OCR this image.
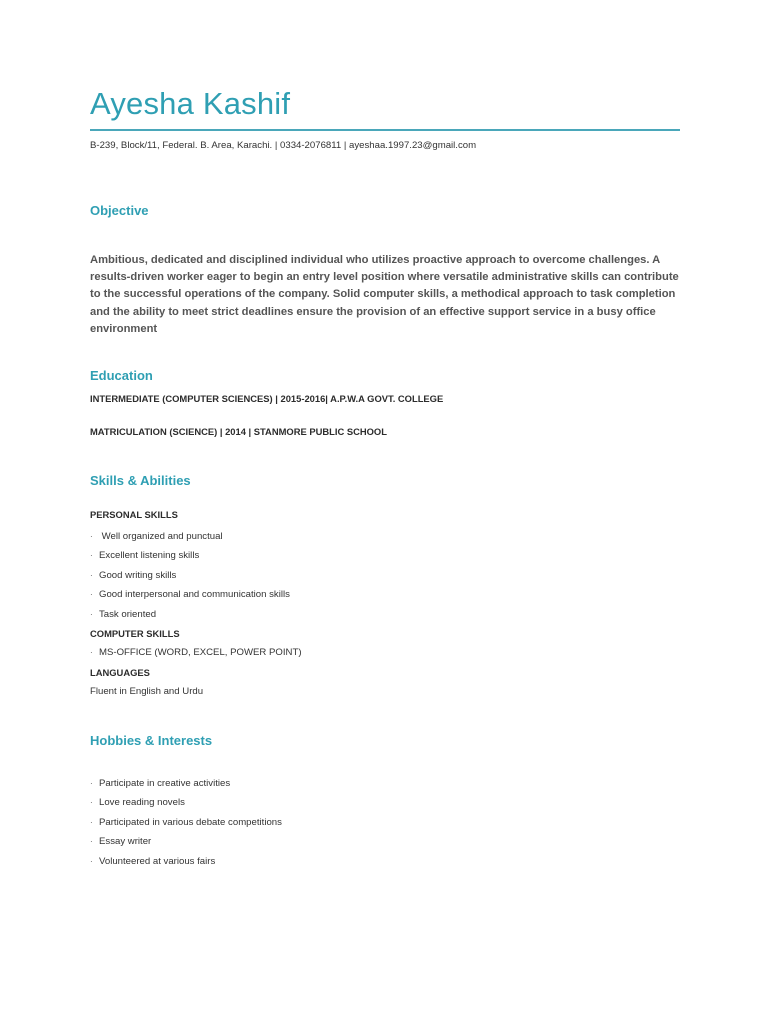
Ayesha Kashif
B-239, Block/11, Federal. B. Area, Karachi. | 0334-2076811 | ayeshaa.1997.23@gmail.com
Objective
Ambitious, dedicated and disciplined individual who utilizes proactive approach to overcome challenges. A results-driven worker eager to begin an entry level position where versatile administrative skills can contribute to the successful operations of the company. Solid computer skills, a methodical approach to task completion and the ability to meet strict deadlines ensure the provision of an effective support service in a busy office environment
Education
INTERMEDIATE (COMPUTER SCIENCES) | 2015-2016| A.P.W.A GOVT. COLLEGE
MATRICULATION (SCIENCE) | 2014 | STANMORE PUBLIC SCHOOL
Skills & Abilities
PERSONAL SKILLS
· Well organized and punctual
· Excellent listening skills
· Good writing skills
· Good interpersonal and communication skills
· Task oriented
COMPUTER SKILLS
· MS-OFFICE (WORD, EXCEL, POWER POINT)
LANGUAGES
Fluent in English and Urdu
Hobbies & Interests
· Participate in creative activities
· Love reading novels
· Participated in various debate competitions
· Essay writer
· Volunteered at various fairs
